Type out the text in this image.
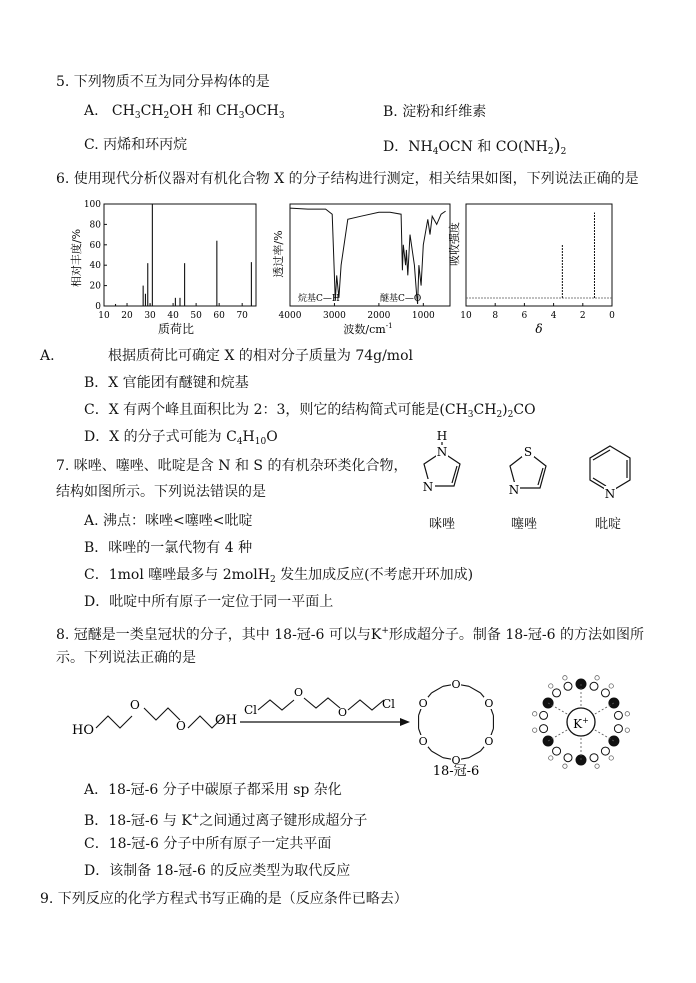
5. 下列物质不互为同分异构体的是
A. $CH_3CH_2OH$ 和 $CH_3OCH_3$	B. 淀粉和纤维素
C. 丙烯和环丙烷	D．$NH_4OCN$ 和 $CO(NH_2)_2$
6. 使用现代分析仪器对有机化合物 X 的分子结构进行测定，相关结果如图，下列说法正确的是
100
80
60
40
20
0
10 20 30 40 50 60 70
质荷比
相对丰度/%
4000 3000 2000 1000
烷基C—H	醚基C—O
波数$/cm^{-1}$
透过率/%
10 8	6	4	2	0
δ
吸收强度
A.	根据质荷比可确定 X 的相对分子质量为 74g/mol
B．X 官能团有醚键和烷基
C．X 有两个峰且面积比为 2：3，则它的结构简式可能是$(CH_3CH_2)_2CO$
D．X 的分子式可能为 $C_4H_{10}O$
7. 咪唑、噻唑、吡啶是含 N 和 S 的有机杂环类化合物，
结构如图所示。下列说法错误的是
N
H
N
咪唑
S
N
噻唑
N
吡啶
A. 沸点：咪唑<噻唑<吡啶
B．咪唑的一氯代物有 4 种
C．1mol 噻唑最多与 2molH$_2$ 发生加成反应(不考虑开环加成)
D．吡啶中所有原子一定位于同一平面上
8. 冠醚是一类皇冠状的分子，其中 18-冠-6 可以与K+形成超分子。制备 18-冠-6 的方法如图所
示。下列说法正确的是
HO
O
O OH
Cl
O
O
Cl
O
O
O
O
O
O
18-冠-6
K+
A．18-冠-6 分子中碳原子都采用 sp 杂化
B．18-冠-6 与 K+之间通过离子键形成超分子
C．18-冠-6 分子中所有原子一定共平面
D．该制备 18-冠-6 的反应类型为取代反应
9. 下列反应的化学方程式书写正确的是（反应条件已略去）
